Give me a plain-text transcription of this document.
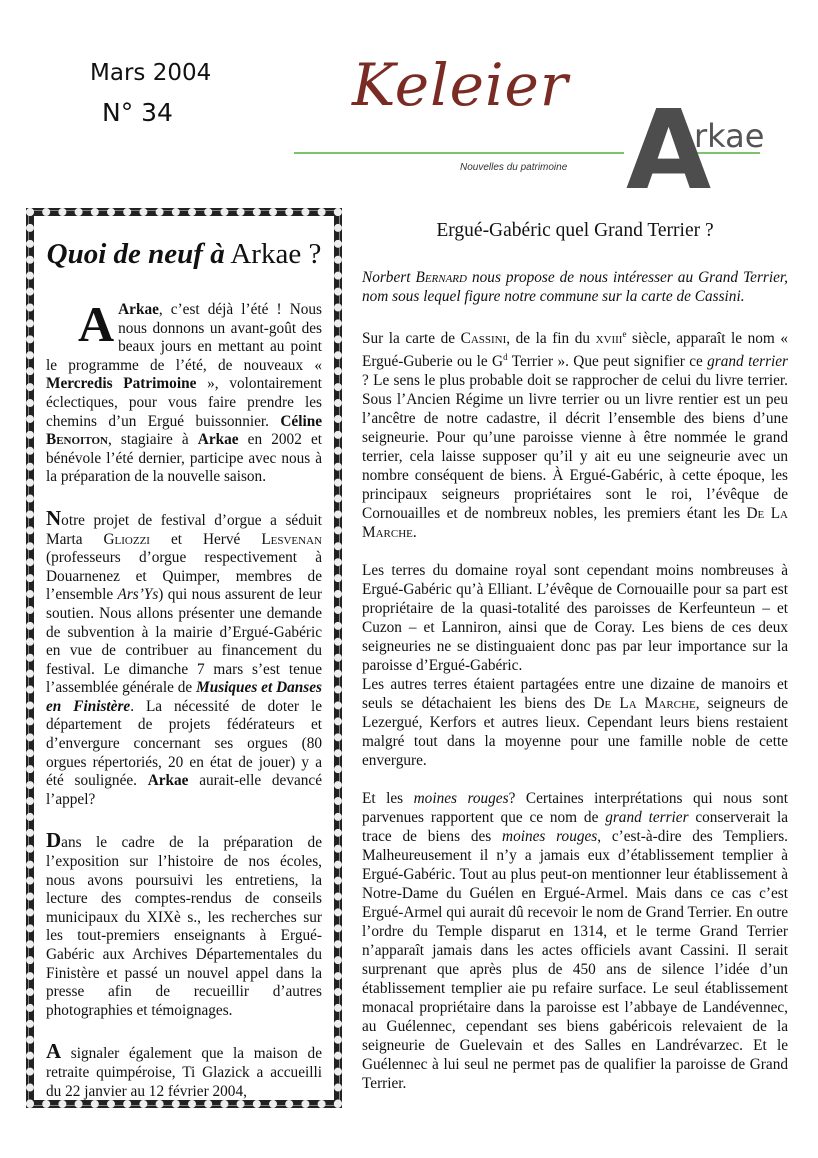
Mars 2004
N° 34	Keleier
A
rkae
Nouvelles du patrimoine
Quoi de neuf à Arkae ?

A Arkae, c’est déjà l’été ! Nous nous donnons un avant-goût des beaux jours en mettant au point le programme de l’été, de nouveaux « Mercredis Patrimoine », volontairement éclectiques, pour vous faire prendre les chemins d’un Ergué buissonnier. Céline Benoiton, stagiaire à Arkae en 2002 et bénévole l’été dernier, participe avec nous à la préparation de la nouvelle saison.

Notre projet de festival d’orgue a séduit Marta Gliozzi et Hervé Lesvenan (professeurs d’orgue respectivement à Douarnenez et Quimper, membres de l’ensemble Ars’Ys) qui nous assurent de leur soutien. Nous allons présenter une demande de subvention à la mairie d’Ergué-Gabéric en vue de contribuer au financement du festival. Le dimanche 7 mars s’est tenue l’assemblée générale de Musiques et Danses en Finistère. La nécessité de doter le département de projets fédérateurs et d’envergure concernant ses orgues (80 orgues répertoriés, 20 en état de jouer) y a été soulignée. Arkae aurait-elle devancé l’appel?

Dans le cadre de la préparation de l’exposition sur l’histoire de nos écoles, nous avons poursuivi les entretiens, la lecture des comptes-rendus de conseils municipaux du XIXè s., les recherches sur les tout-premiers enseignants à Ergué-Gabéric aux Archives Départementales du Finistère et passé un nouvel appel dans la presse afin de recueillir d’autres photographies et témoignages.

A signaler également que la maison de retraite quimpéroise, Ti Glazick a accueilli du 22 janvier au 12 février 2004,

Ergué-Gabéric quel Grand Terrier ?

Norbert Bernard nous propose de nous intéresser au Grand Terrier, nom sous lequel figure notre commune sur la carte de Cassini.

Sur la carte de Cassini, de la fin du xviii$^e$ siècle, apparaît le nom « Ergué-Guberie ou le $G^d$ Terrier ». Que peut signifier ce grand terrier ? Le sens le plus probable doit se rapprocher de celui du livre terrier. Sous l’Ancien Régime un livre terrier ou un livre rentier est un peu l’ancêtre de notre cadastre, il décrit l’ensemble des biens d’une seigneurie. Pour qu’une paroisse vienne à être nommée le grand terrier, cela laisse supposer qu’il y ait eu une seigneurie avec un nombre conséquent de biens. À Ergué-Gabéric, à cette époque, les principaux seigneurs propriétaires sont le roi, l’évêque de Cornouailles et de nombreux nobles, les premiers étant les De La Marche.

Les terres du domaine royal sont cependant moins nombreuses à Ergué-Gabéric qu’à Elliant. L’évêque de Cornouaille pour sa part est propriétaire de la quasi-totalité des paroisses de Kerfeunteun – et Cuzon – et Lanniron, ainsi que de Coray. Les biens de ces deux seigneuries ne se distinguaient donc pas par leur importance sur la paroisse d’Ergué-Gabéric.

Les autres terres étaient partagées entre une dizaine de manoirs et seuls se détachaient les biens des De La Marche, seigneurs de Lezergué, Kerfors et autres lieux. Cependant leurs biens restaient malgré tout dans la moyenne pour une famille noble de cette envergure.

Et les moines rouges? Certaines interprétations qui nous sont parvenues rapportent que ce nom de grand terrier conserverait la trace de biens des moines rouges, c’est-à-dire des Templiers. Malheureusement il n’y a jamais eux d’établissement templier à Ergué-Gabéric. Tout au plus peut-on mentionner leur établissement à Notre-Dame du Guélen en Ergué-Armel. Mais dans ce cas c’est Ergué-Armel qui aurait dû recevoir le nom de Grand Terrier. En outre l’ordre du Temple disparut en 1314, et le terme Grand Terrier n’apparaît jamais dans les actes officiels avant Cassini. Il serait surprenant que après plus de 450 ans de silence l’idée d’un établissement templier aie pu refaire surface. Le seul établissement monacal propriétaire dans la paroisse est l’abbaye de Landévennec, au Guélennec, cependant ses biens gabéricois relevaient de la seigneurie de Guelevain et des Salles en Landrévarzec. Et le Guélennec à lui seul ne permet pas de qualifier la paroisse de Grand Terrier.
